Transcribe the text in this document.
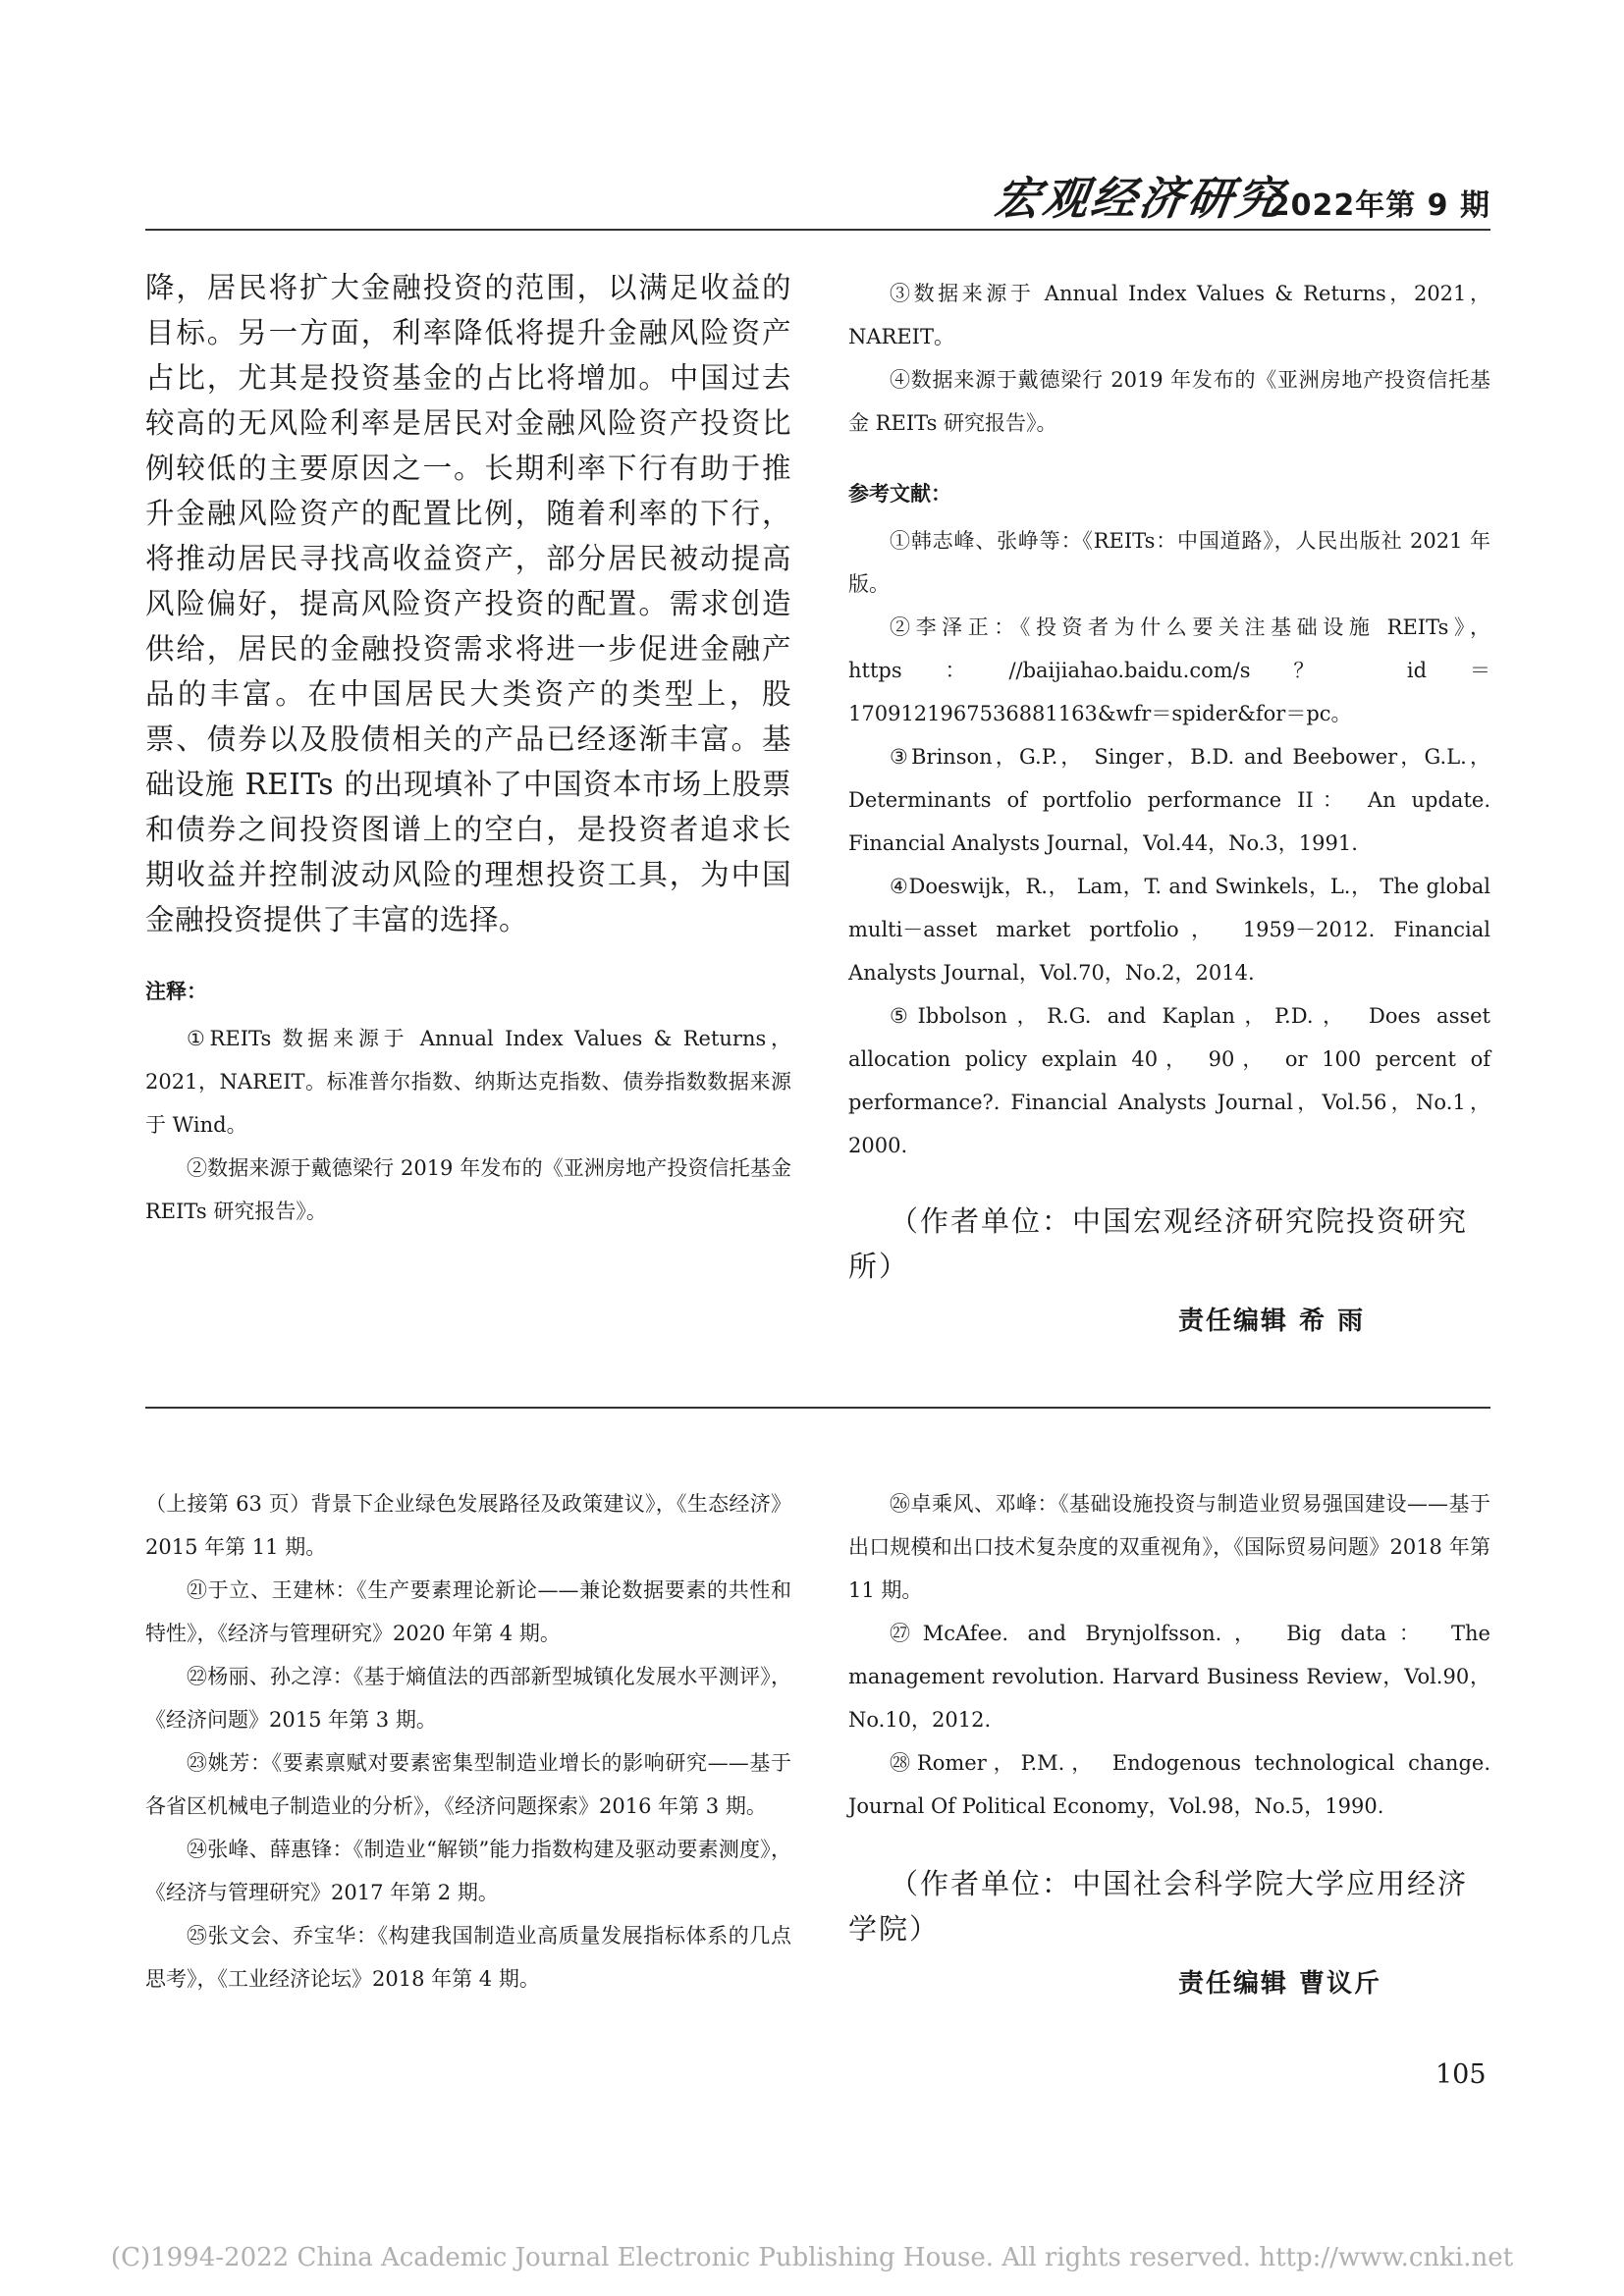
宏观经济研究
2022年第 9 期

降，居民将扩大金融投资的范围，以满足收益的目标。另一方面，利率降低将提升金融风险资产占比，尤其是投资基金的占比将增加。中国过去较高的无风险利率是居民对金融风险资产投资比例较低的主要原因之一。长期利率下行有助于推升金融风险资产的配置比例，随着利率的下行，将推动居民寻找高收益资产，部分居民被动提高风险偏好，提高风险资产投资的配置。需求创造供给，居民的金融投资需求将进一步促进金融产品的丰富。在中国居民大类资产的类型上，股票、债券以及股债相关的产品已经逐渐丰富。基础设施 REITs 的出现填补了中国资本市场上股票和债券之间投资图谱上的空白，是投资者追求长期收益并控制波动风险的理想投资工具，为中国金融投资提供了丰富的选择。

注释：

①REITs 数据来源于 Annual Index Values & Returns，2021，NAREIT。标准普尔指数、纳斯达克指数、债券指数数据来源于 Wind。

②数据来源于戴德梁行 2019 年发布的《亚洲房地产投资信托基金 REITs 研究报告》。

③数据来源于 Annual Index Values & Returns，2021，NAREIT。

④数据来源于戴德梁行 2019 年发布的《亚洲房地产投资信托基金 REITs 研究报告》。

参考文献：

①韩志峰、张峥等：《REITs：中国道路》，人民出版社 2021 年版。

②李泽正：《投资者为什么要关注基础设施 REITs》，https：//baijiahao.baidu.com/s？ id＝1709121967536881163&wfr＝spider&for＝pc。

③Brinson，G.P.， Singer，B.D. and Beebower，G.L.， Determinants of portfolio performance II： An update. Financial Analysts Journal，Vol.44，No.3，1991.

④Doeswijk，R.， Lam，T. and Swinkels，L.， The global multi－asset market portfolio， 1959－2012. Financial Analysts Journal，Vol.70，No.2，2014.

⑤Ibbolson，R.G. and Kaplan，P.D.， Does asset allocation policy explain 40， 90， or 100 percent of performance?. Financial Analysts Journal，Vol.56，No.1，2000.

（作者单位：中国宏观经济研究院投资研究所）

责任编辑 希 雨

（上接第 63 页）背景下企业绿色发展路径及政策建议》，《生态经济》2015 年第 11 期。

㉑于立、王建林：《生产要素理论新论——兼论数据要素的共性和特性》，《经济与管理研究》2020 年第 4 期。

㉒杨丽、孙之淳：《基于熵值法的西部新型城镇化发展水平测评》，《经济问题》2015 年第 3 期。

㉓姚芳：《要素禀赋对要素密集型制造业增长的影响研究——基于各省区机械电子制造业的分析》，《经济问题探索》2016 年第 3 期。

㉔张峰、薛惠锋：《制造业“解锁”能力指数构建及驱动要素测度》，《经济与管理研究》2017 年第 2 期。

㉕张文会、乔宝华：《构建我国制造业高质量发展指标体系的几点思考》，《工业经济论坛》2018 年第 4 期。

㉖卓乘风、邓峰：《基础设施投资与制造业贸易强国建设——基于出口规模和出口技术复杂度的双重视角》，《国际贸易问题》2018 年第 11 期。

㉗McAfee. and Brynjolfsson.， Big data： The management revolution. Harvard Business Review，Vol.90，No.10，2012.

㉘Romer，P.M.， Endogenous technological change. Journal Of Political Economy，Vol.98，No.5，1990.

（作者单位：中国社会科学院大学应用经济学院）

责任编辑 曹议斤

105
(C)1994-2022 China Academic Journal Electronic Publishing House. All rights reserved. http://www.cnki.net
